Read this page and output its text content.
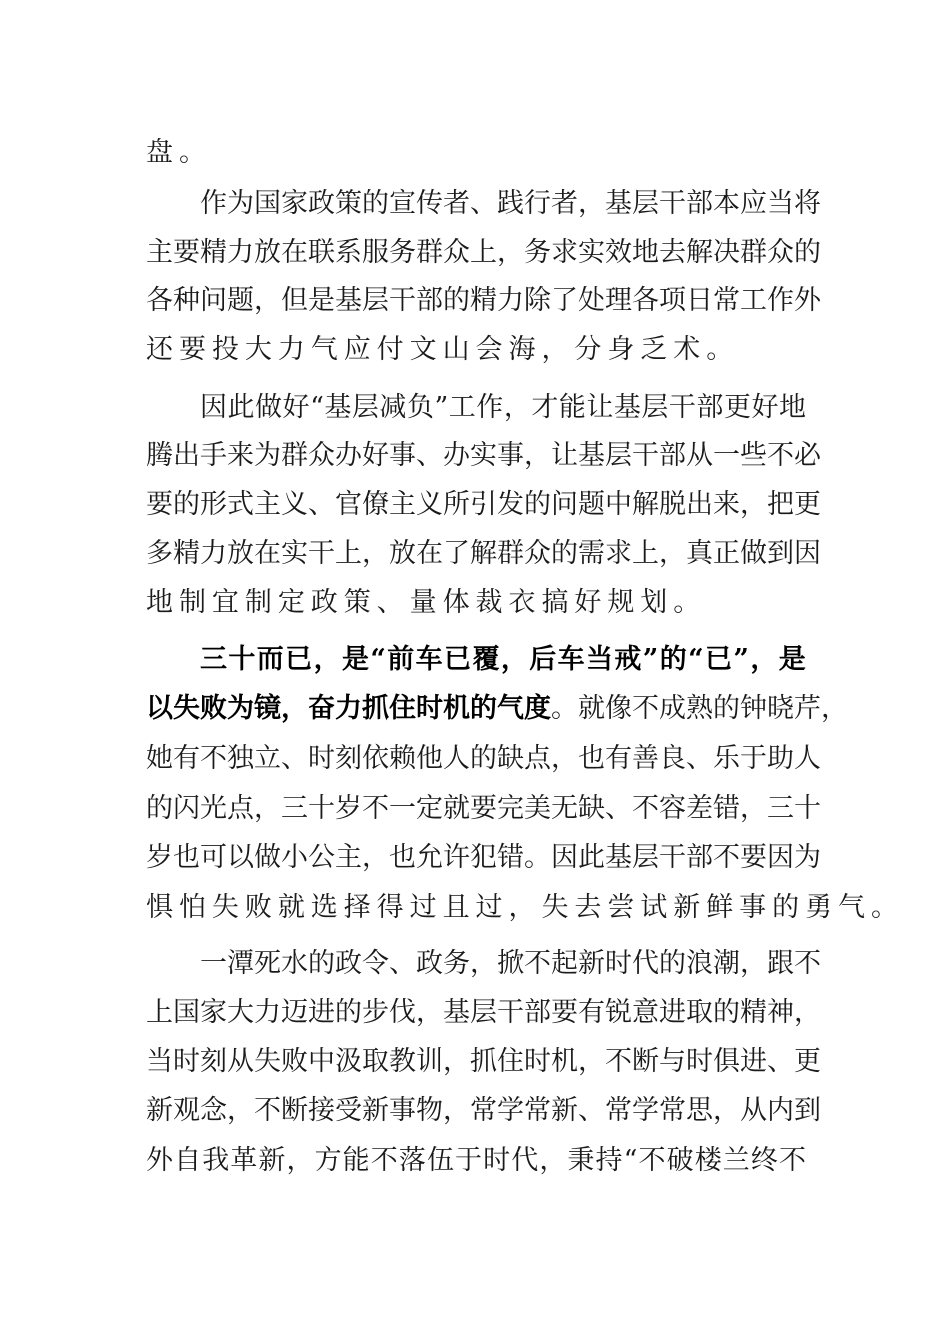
盘 。
作 为 国 家 政 策 的 宣 传 者 、 践 行 者 ， 基 层 干 部 本 应 当 将
主 要 精 力 放 在 联 系 服 务 群 众 上 ， 务 求 实 效 地 去 解 决 群 众 的
各 种 问 题 ， 但 是 基 层 干 部 的 精 力 除 了 处 理 各 项 日 常 工 作 外
还 要 投 大 力 气 应 付 文 山 会 海 ， 分 身 乏 术 。
因 此 做 好 “ 基 层 减 负 ” 工 作 ， 才 能 让 基 层 干 部 更 好 地
腾 出 手 来 为 群 众 办 好 事 、 办 实 事 ， 让 基 层 干 部 从 一 些 不 必
要 的 形 式 主 义 、 官 僚 主 义 所 引 发 的 问 题 中 解 脱 出 来 ， 把 更
多 精 力 放 在 实 干 上 ， 放 在 了 解 群 众 的 需 求 上 ， 真 正 做 到 因
地 制 宜 制 定 政 策 、 量 体 裁 衣 搞 好 规 划 。
三 十 而 已 ， 是 “ 前 车 已 覆 ， 后 车 当 戒 ” 的 “ 已 ” ， 是
以 失 败 为 镜 ， 奋 力 抓 住 时 机 的 气 度 。 就 像 不 成 熟 的 钟 晓 芹 ，
她 有 不 独 立 、 时 刻 依 赖 他 人 的 缺 点 ， 也 有 善 良 、 乐 于 助 人
的 闪 光 点 ， 三 十 岁 不 一 定 就 要 完 美 无 缺 、 不 容 差 错 ， 三 十
岁 也 可 以 做 小 公 主 ， 也 允 许 犯 错 。 因 此 基 层 干 部 不 要 因 为
惧 怕 失 败 就 选 择 得 过 且 过 ， 失 去 尝 试 新 鲜 事 的 勇 气 。
一 潭 死 水 的 政 令 、 政 务 ， 掀 不 起 新 时 代 的 浪 潮 ， 跟 不
上 国 家 大 力 迈 进 的 步 伐 ， 基 层 干 部 要 有 锐 意 进 取 的 精 神 ，
当 时 刻 从 失 败 中 汲 取 教 训 ， 抓 住 时 机 ， 不 断 与 时 俱 进 、 更
新 观 念 ， 不 断 接 受 新 事 物 ， 常 学 常 新 、 常 学 常 思 ， 从 内 到
外 自 我 革 新 ， 方 能 不 落 伍 于 时 代 ， 秉 持 “ 不 破 楼 兰 终 不
